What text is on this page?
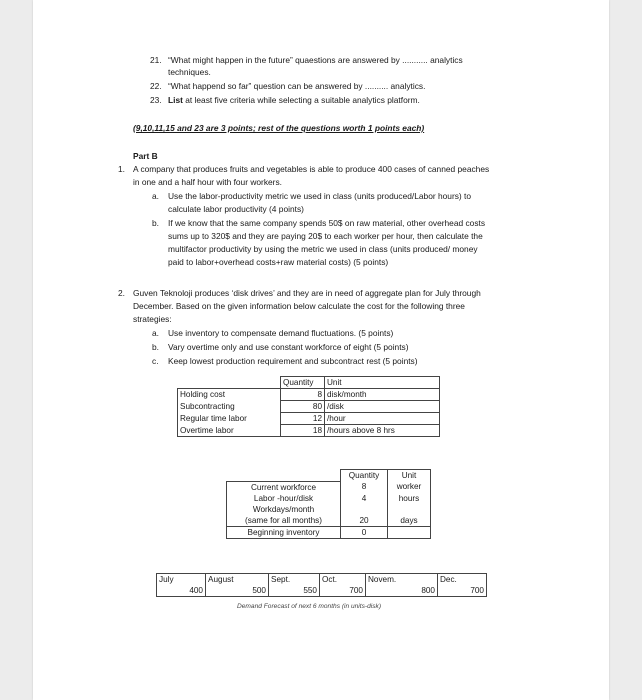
21. “What might happen in the future” quaestions are answered by ........... analytics
techniques.
22. “What happend so far” question can be answered by .......... analytics.
23. List at least five criteria while selecting a suitable analytics platform.
(9,10,11,15 and 23 are 3 points; rest of the questions worth 1 points each)
Part B
1. A company that produces fruits and vegetables is able to produce 400 cases of canned peaches
in one and a half hour with four workers.
a. Use the labor-productivity metric we used in class (units produced/Labor hours) to
calculate labor productivity (4 points)
b. If we know that the same company spends 50$ on raw material, other overhead costs
sums up to 320$ and they are paying 20$ to each worker per hour, then calculate the
multifactor productivity by using the metric we used in class (units produced/ money
paid to labor+overhead costs+raw material costs) (5 points)
2. Guven Teknoloji produces ‘disk drives’ and they are in need of aggregate plan for July through
December. Based on the given information below calculate the cost for the following three
strategies:
a. Use inventory to compensate demand fluctuations. (5 points)
b. Vary overtime only and use constant workforce of eight (5 points)
c. Keep lowest production requirement and subcontract rest (5 points)
	Quantity	Unit
Holding cost	8	disk/month
Subcontracting	80	/disk
Regular time labor	12	/hour
Overtime labor	18	/hours above 8 hrs
	Quantity	Unit
Current workforce	8	worker
Labor -hour/disk	4	hours
Workdays/month		
(same for all months)	20	days
Beginning inventory	0	
July	August	Sept.	Oct.	Novem.	Dec.
400	500	550	700	800	700
Demand Forecast of next 6 months (in units-disk)
